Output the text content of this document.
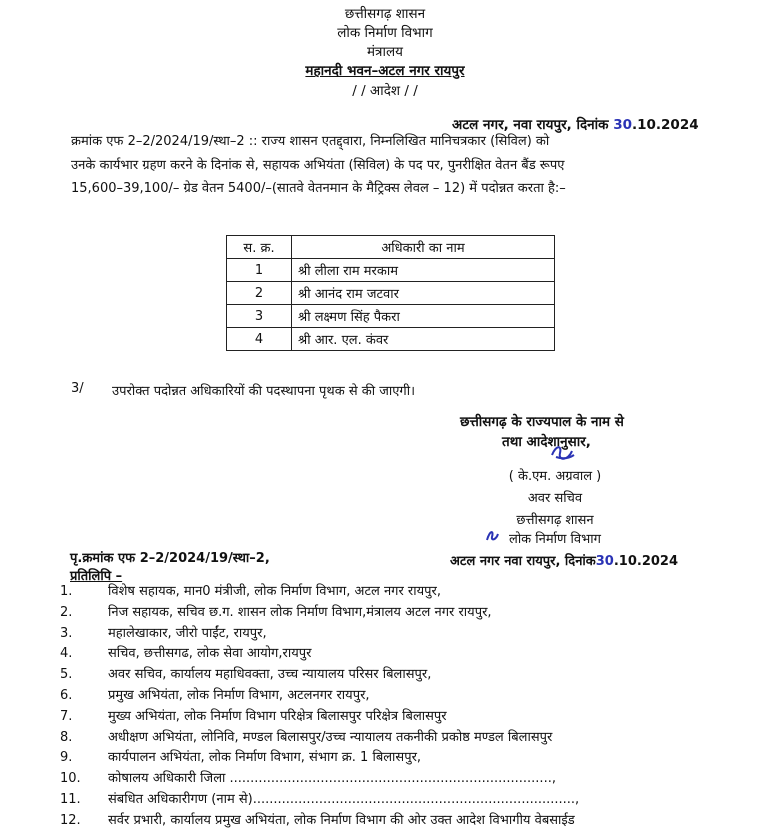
छत्तीसगढ़ शासन
लोक निर्माण विभाग
मंत्रालय
महानदी भवन–अटल नगर रायपुर
/ / आदेश / /
अटल नगर, नवा रायपुर, दिनांक 30.10.2024
क्रमांक एफ 2–2/2024/19/स्था–2 :: राज्य शासन एतद्द्वारा, निम्नलिखित मानिचत्रकार (सिविल) को
उनके कार्यभार ग्रहण करने के दिनांक से, सहायक अभियंता (सिविल) के पद पर, पुनरीक्षित वेतन बैंड रूपए
15,600–39,100/– ग्रेड वेतन 5400/–(सातवे वेतनमान के मैट्रिक्स लेवल – 12) में पदोन्नत करता है:–
स. क्र.	अधिकारी का नाम
1	श्री लीला राम मरकाम
2	श्री आनंद राम जटवार
3	श्री लक्ष्मण सिंह पैकरा
4	श्री आर. एल. कंवर
3/ उपरोक्त पदोन्नत अधिकारियों की पदस्थापना पृथक से की जाएगी।
छत्तीसगढ़ के राज्यपाल के नाम से
तथा आदेशानुसार,
( के.एम. अग्रवाल )
अवर सचिव
छत्तीसगढ़ शासन
लोक निर्माण विभाग
पृ.क्रमांक एफ 2–2/2024/19/स्था–2,	अटल नगर नवा रायपुर, दिनांक30.10.2024
प्रतिलिपि –
1.	विशेष सहायक, मान0 मंत्रीजी, लोक निर्माण विभाग, अटल नगर रायपुर,
2.	निज सहायक, सचिव छ.ग. शासन लोक निर्माण विभाग,मंत्रालय अटल नगर रायपुर,
3.	महालेखाकार, जीरो पाईंट, रायपुर,
4.	सचिव, छत्तीसगढ, लोक सेवा आयोग,रायपुर
5.	अवर सचिव, कार्यालय महाधिवक्ता, उच्च न्यायालय परिसर बिलासपुर,
6.	प्रमुख अभियंता, लोक निर्माण विभाग, अटलनगर रायपुर,
7.	मुख्य अभियंता, लोक निर्माण विभाग परिक्षेत्र बिलासपुर परिक्षेत्र बिलासपुर
8.	अधीक्षण अभियंता, लोनिवि, मण्डल बिलासपुर/उच्च न्यायालय तकनीकी प्रकोष्ठ मण्डल बिलासपुर
9.	कार्यपालन अभियंता, लोक निर्माण विभाग, संभाग क्र. 1 बिलासपुर,
10. कोषालय अधिकारी जिला ..............................................................................,
11. संबधित अधिकारीगण (नाम से)..............................................................................,
12. सर्वर प्रभारी, कार्यालय प्रमुख अभियंता, लोक निर्माण विभाग की ओर उक्त आदेश विभागीय वेबसाईड
